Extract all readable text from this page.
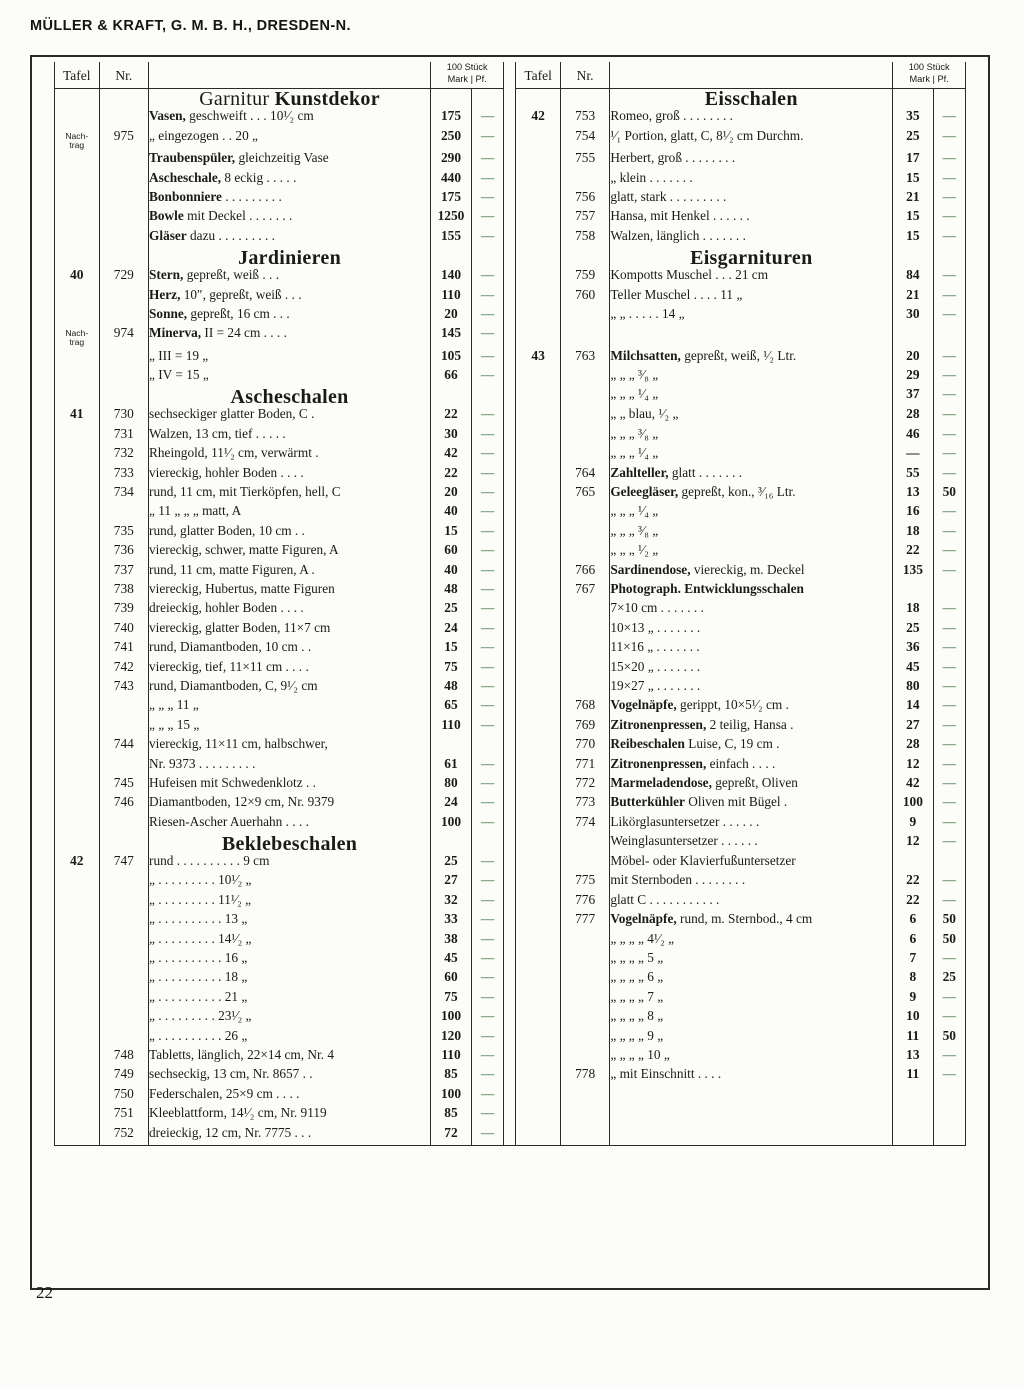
MÜLLER & KRAFT, G. M. B. H., DRESDEN-N.
22
Tafel	Nr.		
100 Stück
Mark | Pf.		Tafel	Nr.		
100 Stück
Mark | Pf.

		Garnitur Kunstdekor						Eisschalen		
		Vasen, geschweift . . . 10¹⁄₂ cm	175	—		42	753	Romeo, groß . . . . . . . .	35	—
Nach-
trag	975	„ eingezogen . . 20 „	250	—			754	¹⁄₁ Portion, glatt, C, 8¹⁄₂ cm Durchm.	25	—
		Traubenspüler, gleichzeitig Vase	290	—			755	Herbert, groß . . . . . . . .	17	—
		Ascheschale, 8 eckig . . . . .	440	—				„ klein . . . . . . .	15	—
		Bonbonniere . . . . . . . . .	175	—			756	glatt, stark . . . . . . . . .	21	—
		Bowle mit Deckel . . . . . . .	1250	—			757	Hansa, mit Henkel . . . . . .	15	—
		Gläser dazu . . . . . . . . .	155	—			758	Walzen, länglich . . . . . . .	15	—
		Jardinieren						Eisgarnituren		
40	729	Stern, gepreßt, weiß . . .	140	—			759	Kompotts Muschel . . . 21 cm	84	—
		Herz, 10″, gepreßt, weiß . . .	110	—			760	Teller Muschel . . . . 11 „	21	—
		Sonne, gepreßt, 16 cm . . .	20	—				„ „ . . . . . 14 „	30	—
Nach-
trag	974	Minerva, II = 24 cm . . . .	145	—						
		„ III = 19 „	105	—		43	763	Milchsatten, gepreßt, weiß, ¹⁄₂ Ltr.	20	—
		„ IV = 15 „	66	—				„ „ „ ³⁄₈ „	29	—
		Ascheschalen						„ „ „ ¹⁄₄ „	37	—
41	730	sechseckiger glatter Boden, C .	22	—				„ „ blau, ¹⁄₂ „	28	—
	731	Walzen, 13 cm, tief . . . . .	30	—				„ „ „ ³⁄₈ „	46	—
	732	Rheingold, 11¹⁄₂ cm, verwärmt .	42	—				„ „ „ ¹⁄₄ „	—	—
	733	viereckig, hohler Boden . . . .	22	—			764	Zahlteller, glatt . . . . . . .	55	—
	734	rund, 11 cm, mit Tierköpfen, hell, C	20	—			765	Geleegläser, gepreßt, kon., ³⁄₁₆ Ltr.	13	50
		„ 11 „ „ „ matt, A	40	—				„ „ „ ¹⁄₄ „	16	—
	735	rund, glatter Boden, 10 cm . .	15	—				„ „ „ ³⁄₈ „	18	—
	736	viereckig, schwer, matte Figuren, A	60	—				„ „ „ ¹⁄₂ „	22	—
	737	rund, 11 cm, matte Figuren, A .	40	—			766	Sardinendose, viereckig, m. Deckel	135	—
	738	viereckig, Hubertus, matte Figuren	48	—			767	Photograph. Entwicklungsschalen		
	739	dreieckig, hohler Boden . . . .	25	—				7×10 cm . . . . . . .	18	—
	740	viereckig, glatter Boden, 11×7 cm	24	—				10×13 „ . . . . . . .	25	—
	741	rund, Diamantboden, 10 cm . .	15	—				11×16 „ . . . . . . .	36	—
	742	viereckig, tief, 11×11 cm . . . .	75	—				15×20 „ . . . . . . .	45	—
	743	rund, Diamantboden, C, 9¹⁄₂ cm	48	—				19×27 „ . . . . . . .	80	—
		„ „ „ 11 „	65	—			768	Vogelnäpfe, gerippt, 10×5¹⁄₂ cm .	14	—
		„ „ „ 15 „	110	—			769	Zitronenpressen, 2 teilig, Hansa .	27	—
	744	viereckig, 11×11 cm, halbschwer,					770	Reibeschalen Luise, C, 19 cm .	28	—
		Nr. 9373 . . . . . . . . .	61	—			771	Zitronenpressen, einfach . . . .	12	—
	745	Hufeisen mit Schwedenklotz . .	80	—			772	Marmeladendose, gepreßt, Oliven	42	—
	746	Diamantboden, 12×9 cm, Nr. 9379	24	—			773	Butterkühler Oliven mit Bügel .	100	—
		Riesen-Ascher Auerhahn . . . .	100	—			774	Likörglasuntersetzer . . . . . .	9	—
		Beklebeschalen						Weinglasuntersetzer . . . . . .	12	—
42	747	rund . . . . . . . . . . 9 cm	25	—				Möbel- oder Klavierfußuntersetzer		
		„ . . . . . . . . . 10¹⁄₂ „	27	—			775	mit Sternboden . . . . . . . .	22	—
		„ . . . . . . . . . 11¹⁄₂ „	32	—			776	glatt C . . . . . . . . . . .	22	—
		„ . . . . . . . . . . 13 „	33	—			777	Vogelnäpfe, rund, m. Sternbod., 4 cm	6	50
		„ . . . . . . . . . 14¹⁄₂ „	38	—				„ „ „ „ 4¹⁄₂ „	6	50
		„ . . . . . . . . . . 16 „	45	—				„ „ „ „ 5 „	7	—
		„ . . . . . . . . . . 18 „	60	—				„ „ „ „ 6 „	8	25
		„ . . . . . . . . . . 21 „	75	—				„ „ „ „ 7 „	9	—
		„ . . . . . . . . . 23¹⁄₂ „	100	—				„ „ „ „ 8 „	10	—
		„ . . . . . . . . . . 26 „	120	—				„ „ „ „ 9 „	11	50
	748	Tabletts, länglich, 22×14 cm, Nr. 4	110	—				„ „ „ „ 10 „	13	—
	749	sechseckig, 13 cm, Nr. 8657 . .	85	—			778	„ mit Einschnitt . . . .	11	—
	750	Federschalen, 25×9 cm . . . .	100	—						
	751	Kleeblattform, 14¹⁄₂ cm, Nr. 9119	85	—						
	752	dreieckig, 12 cm, Nr. 7775 . . .	72	—						
